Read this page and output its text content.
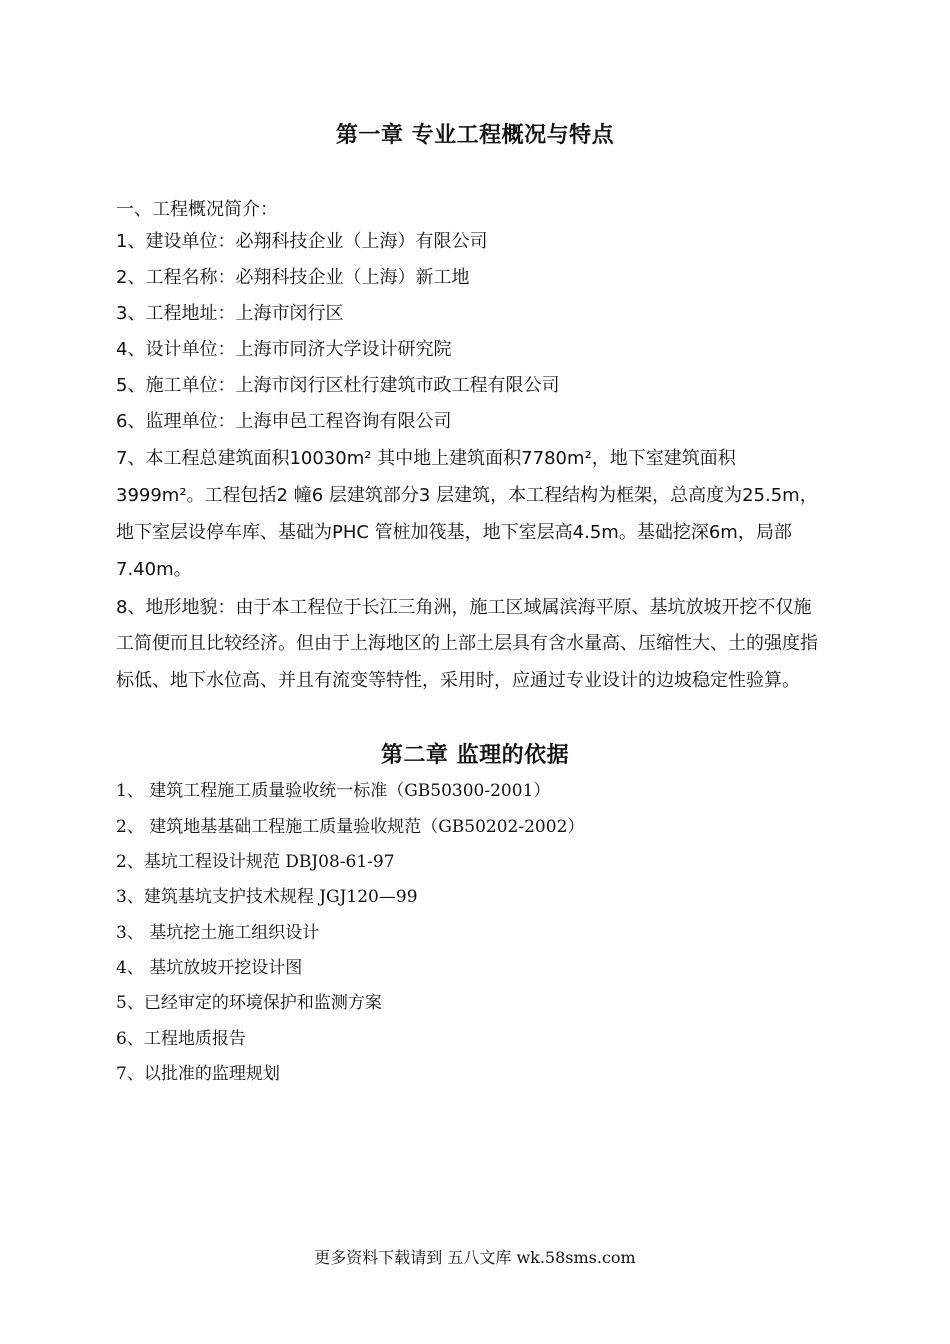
第一章 专业工程概况与特点
一、工程概况简介：
1、建设单位：必翔科技企业（上海）有限公司
2、工程名称：必翔科技企业（上海）新工地
3、工程地址：上海市闵行区
4、设计单位：上海市同济大学设计研究院
5、施工单位：上海市闵行区杜行建筑市政工程有限公司
6、监理单位：上海申邑工程咨询有限公司
7、本工程总建筑面积10030m² 其中地上建筑面积7780m²，地下室建筑面积
3999m²。工程包括2 幢6 层建筑部分3 层建筑，本工程结构为框架，总高度为25.5m，
地下室层设停车库、基础为PHC 管桩加筏基，地下室层高4.5m。基础挖深6m，局部
7.40m。
8、地形地貌：由于本工程位于长江三角洲，施工区域属滨海平原、基坑放坡开挖不仅施
工简便而且比较经济。但由于上海地区的上部土层具有含水量高、压缩性大、土的强度指
标低、地下水位高、并且有流变等特性，采用时，应通过专业设计的边坡稳定性验算。
第二章 监理的依据
1、 建筑工程施工质量验收统一标准（GB50300-2001）
2、 建筑地基基础工程施工质量验收规范（GB50202-2002）
2、基坑工程设计规范 DBJ08-61-97
3、建筑基坑支护技术规程 JGJ120—99
3、 基坑挖土施工组织设计
4、 基坑放坡开挖设计图
5、已经审定的环境保护和监测方案
6、工程地质报告
7、以批准的监理规划
更多资料下载请到 五八文库 wk.58sms.com
